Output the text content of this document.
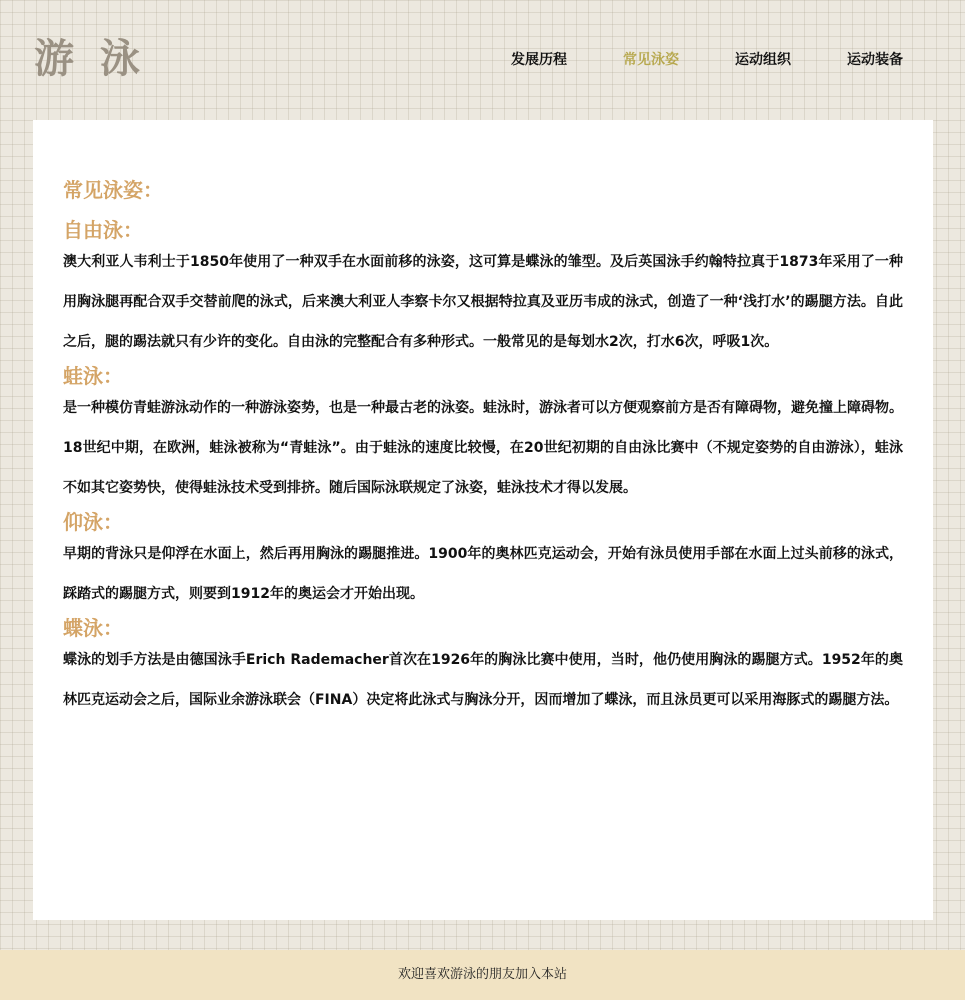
游 泳	发展历程	常见泳姿	运动组织	运动装备
常见泳姿：
自由泳：

澳大利亚人韦利士于1850年使用了一种双手在水面前移的泳姿，这可算是蝶泳的雏型。及后英国泳手约翰特拉真于1873年采用了一种用胸泳腿再配合双手交替前爬的泳式，后来澳大利亚人李察卡尔又根据特拉真及亚历韦成的泳式，创造了一种‘浅打水’的踢腿方法。自此之后，腿的踢法就只有少许的变化。自由泳的完整配合有多种形式。一般常见的是每划水2次，打水6次，呼吸1次。

蛙泳：

是一种模仿青蛙游泳动作的一种游泳姿势，也是一种最古老的泳姿。蛙泳时，游泳者可以方便观察前方是否有障碍物，避免撞上障碍物。18世纪中期，在欧洲，蛙泳被称为“青蛙泳”。由于蛙泳的速度比较慢，在20世纪初期的自由泳比赛中（不规定姿势的自由游泳），蛙泳不如其它姿势快，使得蛙泳技术受到排挤。随后国际泳联规定了泳姿，蛙泳技术才得以发展。

仰泳：

早期的背泳只是仰浮在水面上，然后再用胸泳的踢腿推进。1900年的奥林匹克运动会，开始有泳员使用手部在水面上过头前移的泳式，踩踏式的踢腿方式，则要到1912年的奥运会才开始出现。

蝶泳：

蝶泳的划手方法是由德国泳手Erich Rademacher首次在1926年的胸泳比赛中使用，当时，他仍使用胸泳的踢腿方式。1952年的奥林匹克运动会之后，国际业余游泳联会（FINA）决定将此泳式与胸泳分开，因而增加了蝶泳，而且泳员更可以采用海豚式的踢腿方法。

欢迎喜欢游泳的朋友加入本站
